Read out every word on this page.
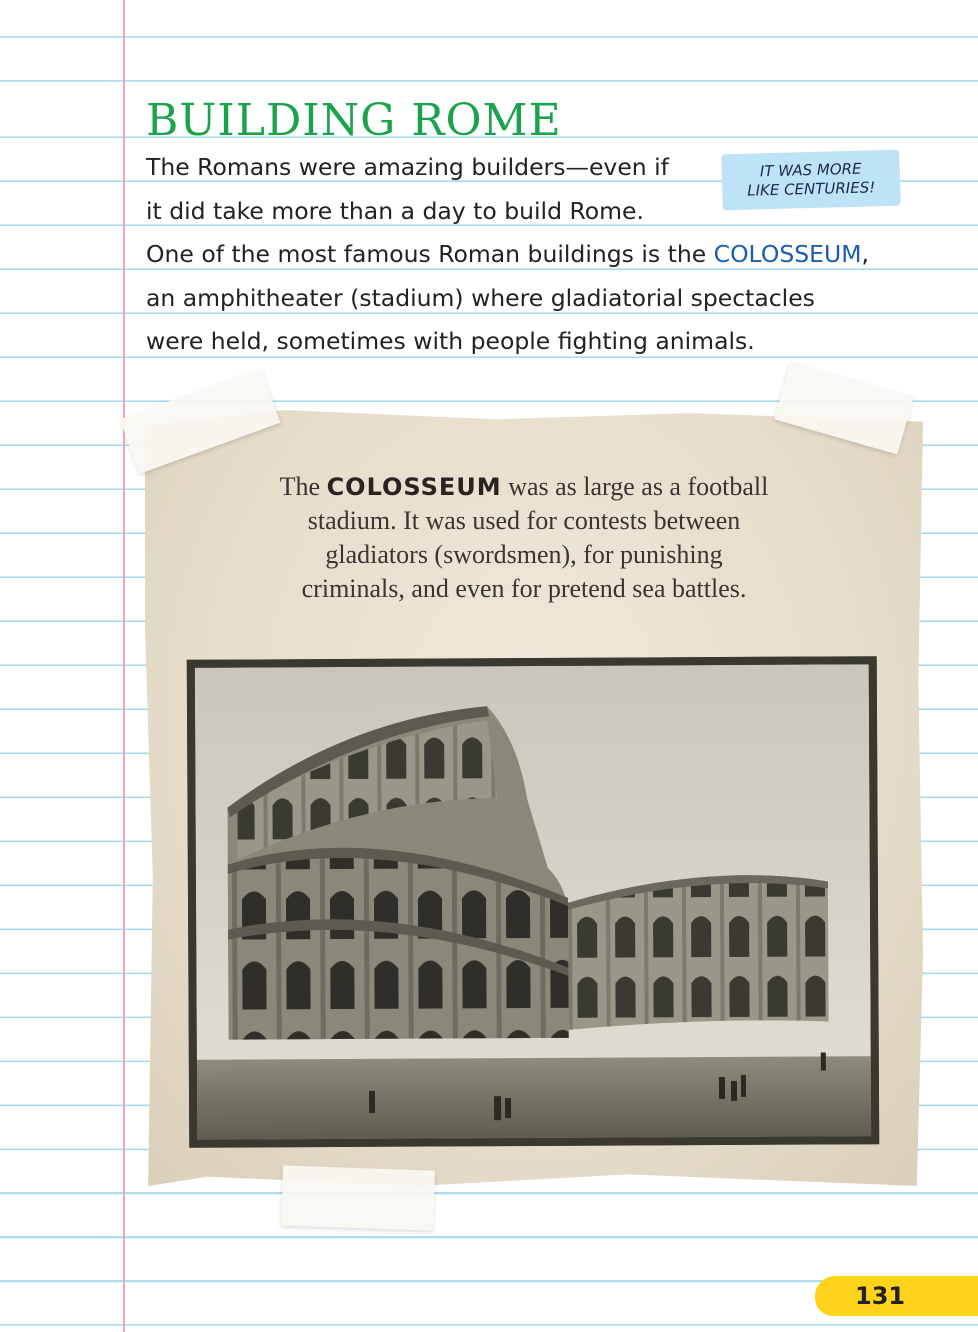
BUILDING ROME

The Romans were amazing builders—even if

it did take more than a day to build Rome.

One of the most famous Roman buildings is the COLOSSEUM,

an amphitheater (stadium) where gladiatorial spectacles

were held, sometimes with people fighting animals.

IT WAS MORE
LIKE CENTURIES!

The COLOSSEUM was as large as a football
stadium. It was used for contests between
gladiators (swordsmen), for punishing
criminals, and even for pretend sea battles.

131
